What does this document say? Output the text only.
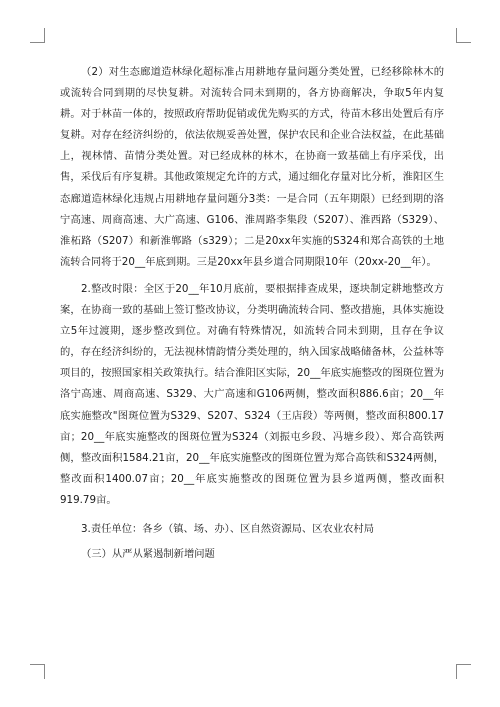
（2）对生态廊道造林绿化超标准占用耕地存量问题分类处置，已经移除林木的或流转合同到期的尽快复耕。对流转合同未到期的，各方协商解决，争取5年内复耕。对于林苗一体的，按照政府帮助促销或优先购买的方式，待苗木移出处置后有序复耕。对存在经济纠纷的，依法依规妥善处置，保护农民和企业合法权益，在此基础上，视林情、苗情分类处置。对已经成林的林木，在协商一致基础上有序采伐，出售，采伐后有序复耕。其他政策规定允许的方式，通过细化存量对比分析，淮阳区生态廊道造林绿化违规占用耕地存量问题分3类：一是合同（五年期限）已经到期的洛宁高速、周商高速、大广高速、G106、淮周路李集段（S207）、淮西路（S329）、淮柘路（S207）和新淮郸路（s329）；二是20xx年实施的S324和郑合高铁的土地流转合同将于20__年底到期。三是20xx年县乡道合同期限10年（20xx-20__年）。

2.整改时限：全区于20__年10月底前，要根据排查成果，逐块制定耕地整改方案，在协商一致的基础上签订整改协议，分类明确流转合同、整改措施，具体实施设立5年过渡期，逐步整改到位。对确有特殊情况，如流转合同未到期，且存在争议的，存在经济纠纷的，无法视林情韵情分类处理的，纳入国家战略储备林，公益林等项目的，按照国家相关政策执行。结合淮阳区实际，20__年底实施整改的图斑位置为洛宁高速、周商高速、S329、大广高速和G106两侧，整改面积886.6亩；20__年底实施整改"图斑位置为S329、S207、S324（王店段）等两侧，整改面积800.17亩；20__年底实施整改的图斑位置为S324（刘振屯乡段、冯塘乡段）、郑合高铁两侧，整改面积1584.21亩，20__年底实施整改的图斑位置为郑合高铁和S324两侧，整改面积1400.07亩；20__年底实施整改的图斑位置为县乡道两侧，整改面积919.79亩。

3.责任单位：各乡（镇、场、办）、区自然资源局、区农业农村局

（三）从严从紧遏制新增问题
